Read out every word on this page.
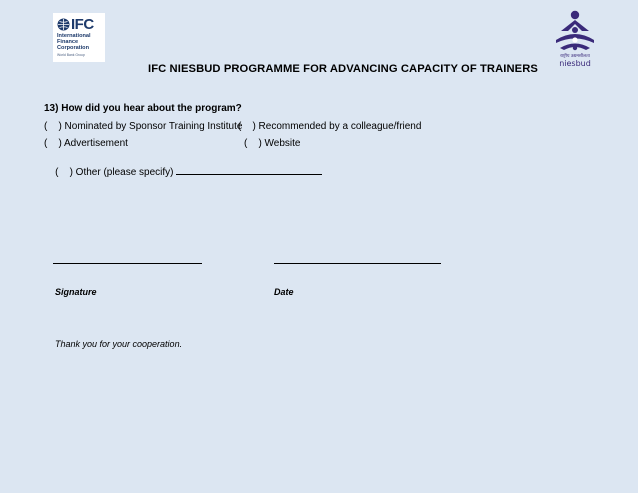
IFC
International
Finance
Corporation
World Bank Group	राष्ट्रीय उद्यमशीलता
niesbud
IFC NIESBUD PROGRAMME FOR ADVANCING CAPACITY OF TRAINERS
13) How did you hear about the program?
(    ) Nominated by Sponsor Training Institute
(    ) Recommended by a colleague/friend
(    ) Advertisement	(    ) Website

(    ) Other (please specify)

Signature	Date
Thank you for your cooperation.
